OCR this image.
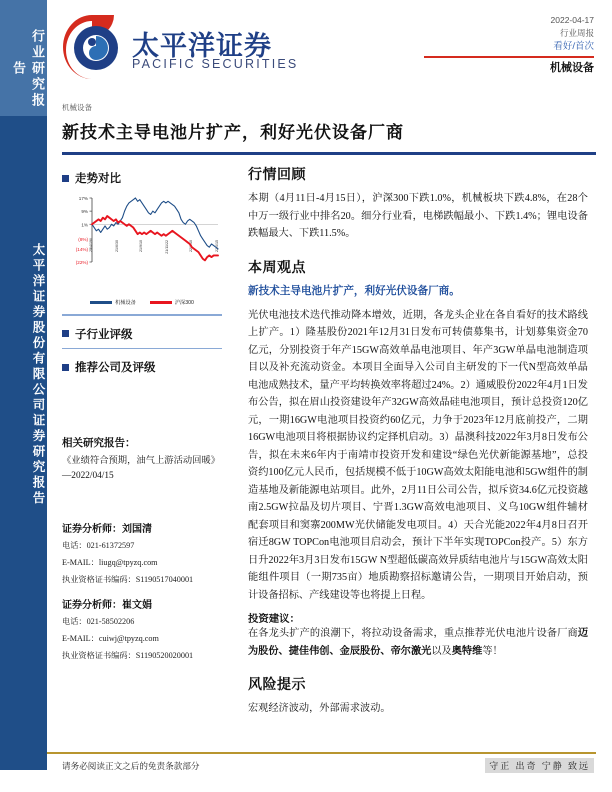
行业研究报告
太平洋证券股份有限公司证券研究报告
太平洋证券
PACIFIC SECURITIES
2022-04-17
行业周报
看好/首次
机械设备
机械设备
新技术主导电池片扩产，利好光伏设备厂商
走势对比
17%
9%
1%
(8%)
(14%)
(22%)
21/4/19	21/6/30	21/9/10	21/11/22	22/2/10	22/4/15
机械设备	沪深300
子行业评级
推荐公司及评级
相关研究报告：
《业绩符合预期，油气上游活动回暖》—2022/04/15
证券分析师：刘国清
电话：021-61372597
E-MAIL：liugq@tpyzq.com
执业资格证书编码：S1190517040001
证券分析师：崔文娟
电话：021-58502206
E-MAIL：cuiwj@tpyzq.com
执业资格证书编码：S1190520020001
行情回顾
本期（4月11日-4月15日），沪深300下跌1.0%，机械板块下跌4.8%，在28个中万一级行业中排名20。细分行业看，电梯跌幅最小、下跌1.4%；锂电设备跌幅最大、下跌11.5%。
本周观点
新技术主导电池片扩产，利好光伏设备厂商。
光伏电池技术迭代推动降本增效，近期，各龙头企业在各自看好的技术路线上扩产。1）隆基股份2021年12月31日发布可转债募集书，计划募集资金70亿元，分别投资于年产15GW高效单晶电池项目、年产3GW单晶电池制造项目以及补充流动资金。本项目全面导入公司自主研发的下一代N型高效单晶电池成熟技术，量产平均转换效率将超过24%。2）通威股份2022年4月1日发布公告，拟在眉山投资建设年产32GW高效晶硅电池项目，预计总投资120亿元，一期16GW电池项目投资约60亿元，力争于2023年12月底前投产，二期16GW电池项目将根据协议约定择机启动。3）晶澳科技2022年3月8日发布公告，拟在未来6年内于南靖市投资开发和建设“绿色光伏新能源基地”，总投资约100亿元人民币，包括规模不低于10GW高效太阳能电池和5GW组件的制造基地及新能源电站项目。此外，2月11日公司公告，拟斥资34.6亿元投资越南2.5GW拉晶及切片项目、宁晋1.3GW高效电池项目、义乌10GW组件辅材配套项目和窦寨200MW光伏储能发电项目。4）天合光能2022年4月8日召开宿迁8GW TOPCon电池项目启动会，预计下半年实现TOPCon投产。5）东方日升2022年3月3日发布15GW N型超低碳高效异质结电池片与15GW高效太阳能组件项目（一期735亩）地质勘察招标邀请公告，一期项目开始启动，预计设备招标、产线建设等也将提上日程。
投资建议：
在各龙头扩产的浪潮下，将拉动设备需求，重点推荐光伏电池片设备厂商迈为股份、捷佳伟创、金辰股份、帝尔激光以及奥特维等！
风险提示
宏观经济波动，外部需求波动。
请务必阅读正文之后的免责条款部分	守正 出奇 宁静 致远
